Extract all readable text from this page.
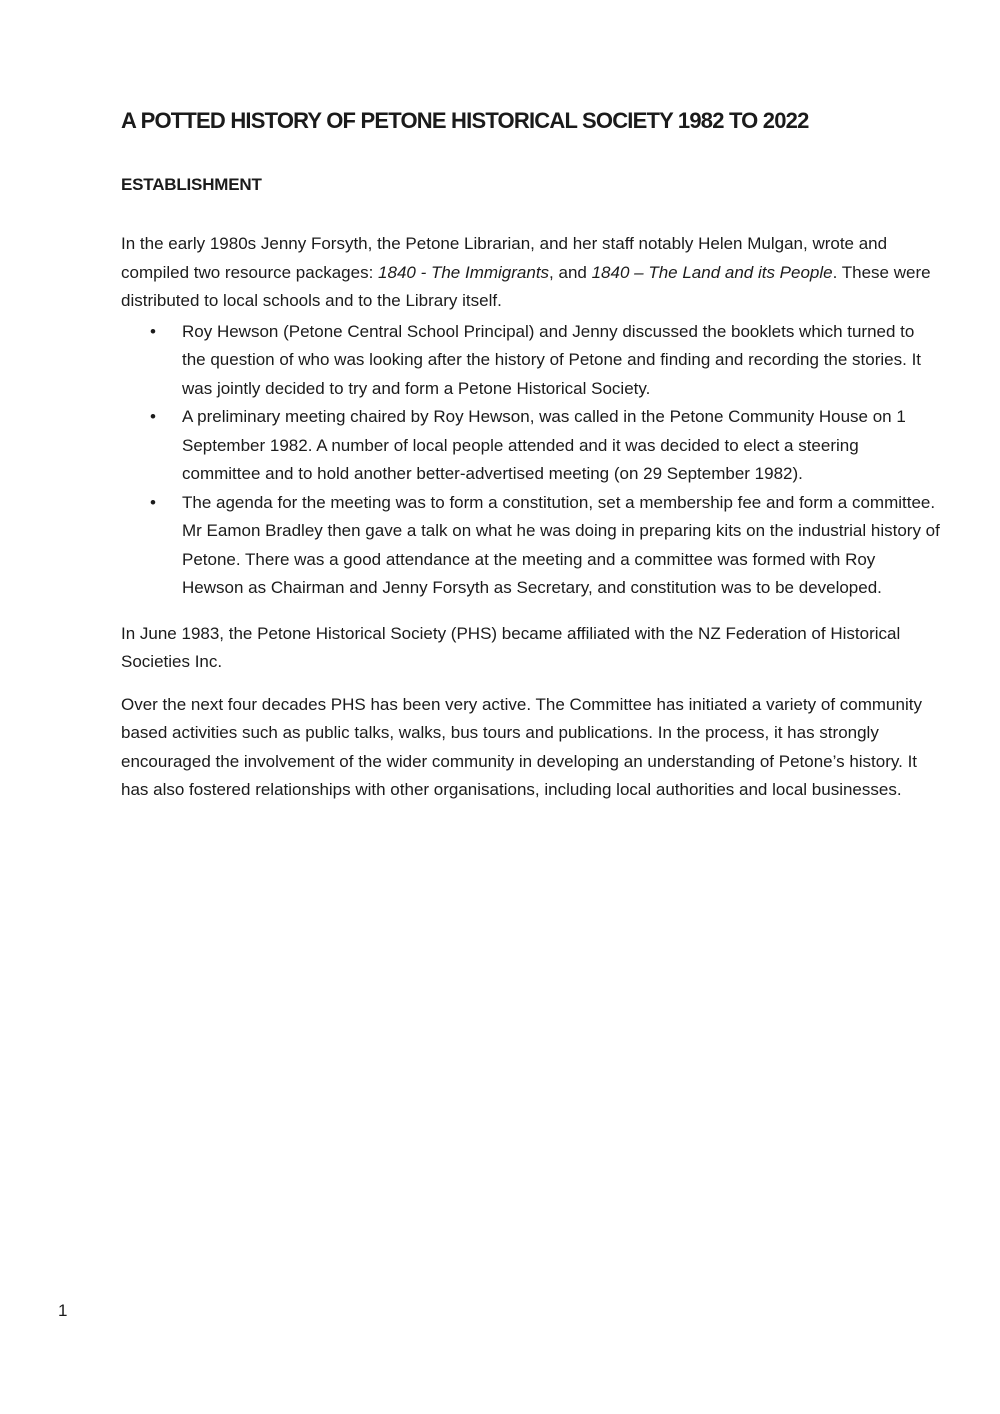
A POTTED HISTORY OF PETONE HISTORICAL SOCIETY 1982 TO 2022
ESTABLISHMENT

In the early 1980s Jenny Forsyth, the Petone Librarian, and her staff notably Helen Mulgan, wrote and compiled two resource packages: 1840 - The Immigrants, and 1840 – The Land and its People. These were distributed to local schools and to the Library itself.

• Roy Hewson (Petone Central School Principal) and Jenny discussed the booklets which turned to the question of who was looking after the history of Petone and finding and recording the stories. It was jointly decided to try and form a Petone Historical Society.
• A preliminary meeting chaired by Roy Hewson, was called in the Petone Community House on 1 September 1982. A number of local people attended and it was decided to elect a steering committee and to hold another better-advertised meeting (on 29 September 1982).
• The agenda for the meeting was to form a constitution, set a membership fee and form a committee. Mr Eamon Bradley then gave a talk on what he was doing in preparing kits on the industrial history of Petone. There was a good attendance at the meeting and a committee was formed with Roy Hewson as Chairman and Jenny Forsyth as Secretary, and constitution was to be developed.

In June 1983, the Petone Historical Society (PHS) became affiliated with the NZ Federation of Historical Societies Inc.

Over the next four decades PHS has been very active. The Committee has initiated a variety of community based activities such as public talks, walks, bus tours and publications. In the process, it has strongly encouraged the involvement of the wider community in developing an understanding of Petone’s history. It has also fostered relationships with other organisations, including local authorities and local businesses.

1
